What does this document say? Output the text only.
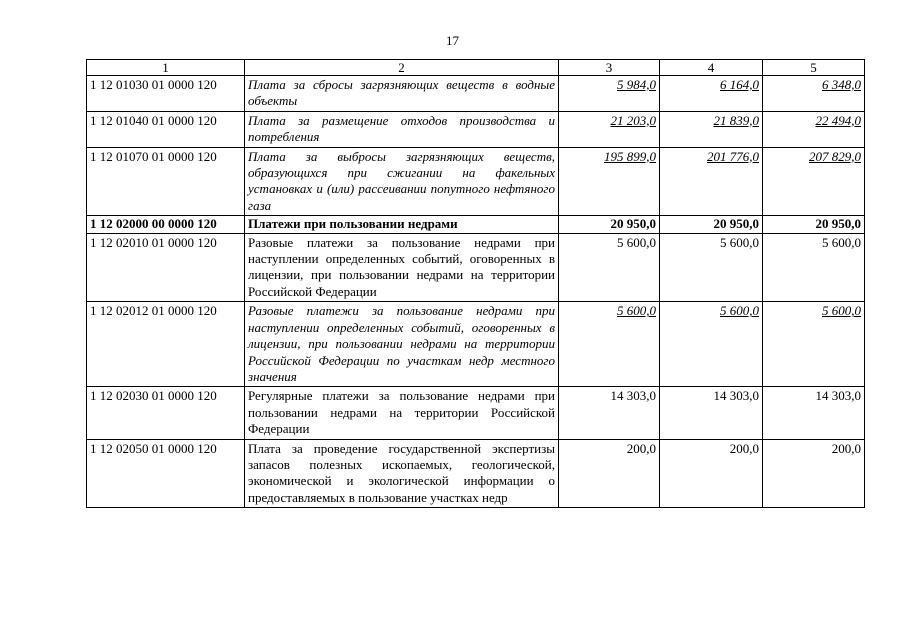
17
1	2	3	4	5
1 12 01030 01 0000 120	Плата за сбросы загрязняющих веществ в водные объекты	5 984,0	6 164,0	6 348,0
1 12 01040 01 0000 120	Плата за размещение отходов производства и потребления	21 203,0	21 839,0	22 494,0
1 12 01070 01 0000 120	Плата за выбросы загрязняющих веществ, образующихся при сжигании на факельных установках и (или) рассеивании попутного нефтяного газа	195 899,0	201 776,0	207 829,0
1 12 02000 00 0000 120	Платежи при пользовании недрами	20 950,0	20 950,0	20 950,0
1 12 02010 01 0000 120	Разовые платежи за пользование недрами при наступлении определенных событий, оговоренных в лицензии, при пользовании недрами на территории Российской Федерации	5 600,0	5 600,0	5 600,0
1 12 02012 01 0000 120	Разовые платежи за пользование недрами при наступлении определенных событий, оговоренных в лицензии, при пользовании недрами на территории Российской Федерации по участкам недр местного значения	5 600,0	5 600,0	5 600,0
1 12 02030 01 0000 120	Регулярные платежи за пользование недрами при пользовании недрами на территории Российской Федерации	14 303,0	14 303,0	14 303,0
1 12 02050 01 0000 120	Плата за проведение государственной экспертизы запасов полезных ископаемых, геологической, экономической и экологической информации о предоставляемых в пользование участках недр	200,0	200,0	200,0
